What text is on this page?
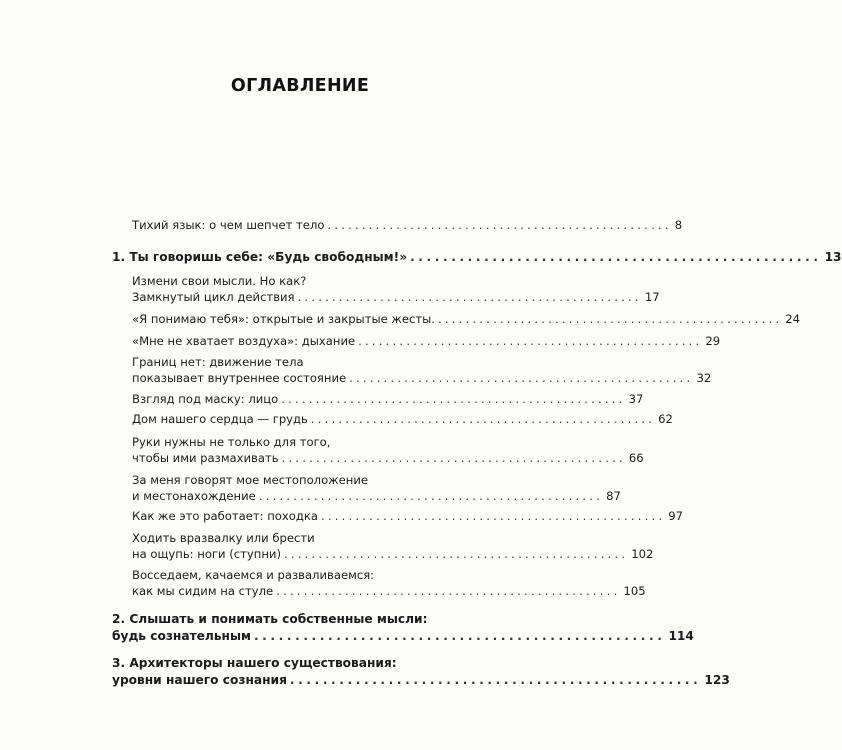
ОГЛАВЛЕНИЕ
Тихий язык: о чем шепчет тело .................................................. 8
1. Ты говоришь себе: «Будь свободным!» .................................................. 13
Измени свои мысли. Но как?
Замкнутый цикл действия .................................................. 17
«Я понимаю тебя»: открытые и закрытые жесты. .................................................. 24
«Мне не хватает воздуха»: дыхание .................................................. 29
Границ нет: движение тела
показывает внутреннее состояние .................................................. 32
Взгляд под маску: лицо .................................................. 37
Дом нашего сердца — грудь .................................................. 62
Руки нужны не только для того,
чтобы ими размахивать .................................................. 66
За меня говорят мое местоположение
и местонахождение .................................................. 87
Как же это работает: походка .................................................. 97
Ходить вразвалку или брести
на ощупь: ноги (ступни) .................................................. 102
Восседаем, качаемся и разваливаемся:
как мы сидим на стуле .................................................. 105
2. Слышать и понимать собственные мысли:
будь сознательным .................................................. 114
3. Архитекторы нашего существования:
уровни нашего сознания .................................................. 123
